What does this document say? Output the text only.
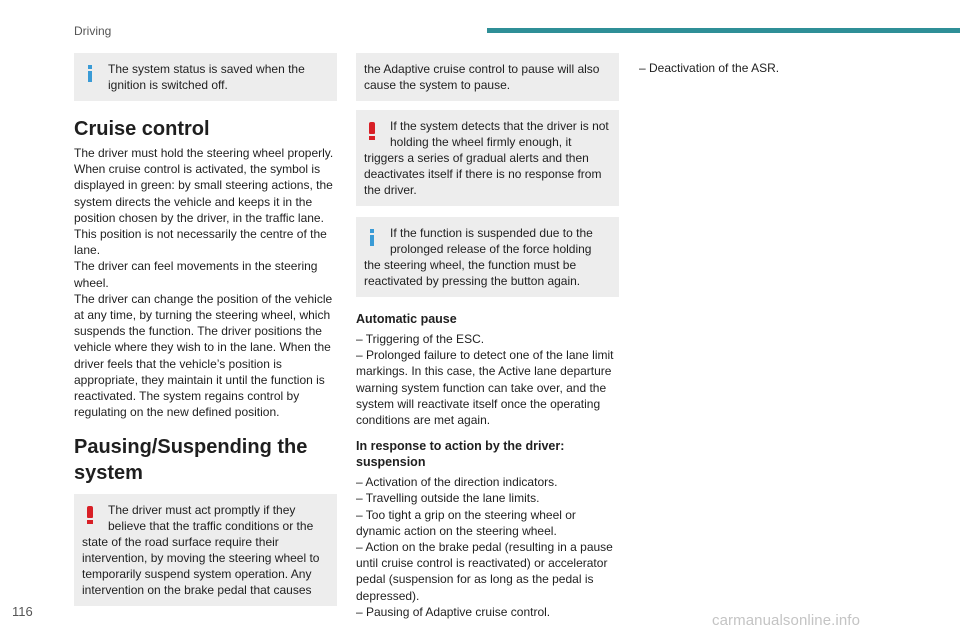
Driving
The system status is saved when the ignition is switched off.
Cruise control

The driver must hold the steering wheel properly.

When cruise control is activated, the symbol is displayed in green: by small steering actions, the system directs the vehicle and keeps it in the position chosen by the driver, in the traffic lane. This position is not necessarily the centre of the lane.

The driver can feel movements in the steering wheel.

The driver can change the position of the vehicle at any time, by turning the steering wheel, which suspends the function. The driver positions the vehicle where they wish to in the lane. When the driver feels that the vehicle’s position is appropriate, they maintain it until the function is reactivated. The system regains control by regulating on the new defined position.

Pausing/Suspending the system
The driver must act promptly if they
believe that the traffic conditions or the state of the road surface require their intervention, by moving the steering wheel to temporarily suspend system operation. Any intervention on the brake pedal that causes
the Adaptive cruise control to pause will also cause the system to pause.
If the system detects that the driver is not
holding the wheel firmly enough, it triggers a series of gradual alerts and then deactivates itself if there is no response from the driver.
If the function is suspended due to the
prolonged release of the force holding the steering wheel, the function must be reactivated by pressing the button again.
Automatic pause
– Triggering of the ESC.
– Prolonged failure to detect one of the lane limit markings. In this case, the Active lane departure warning system function can take over, and the system will reactivate itself once the operating conditions are met again.
In response to action by the driver: suspension
– Activation of the direction indicators.
– Travelling outside the lane limits.
– Too tight a grip on the steering wheel or dynamic action on the steering wheel.
– Action on the brake pedal (resulting in a pause until cruise control is reactivated) or accelerator pedal (suspension for as long as the pedal is depressed).
– Pausing of Adaptive cruise control.
– Deactivation of the ASR.
116
carmanualsonline.info
